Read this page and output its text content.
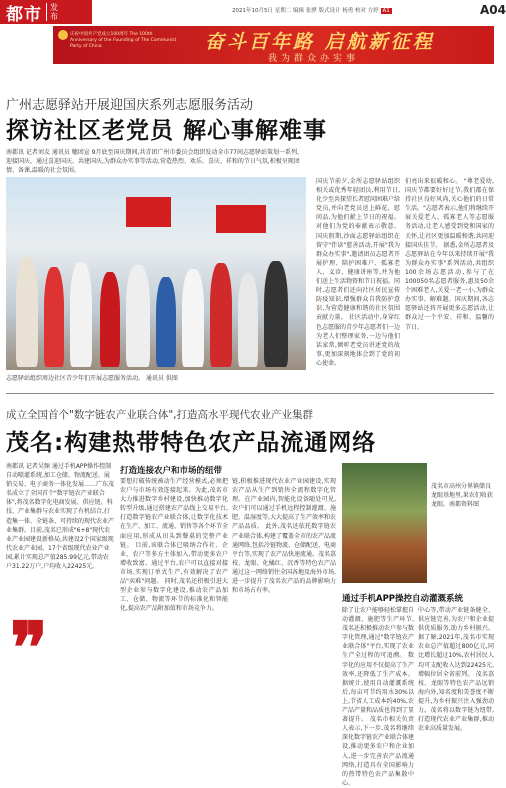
都市	发布
2021年10月5日 星期二 编辑 张骅 版式设计 杨勇 校对 方婷 A1	A04
庆祝中国共产党成立100周年 The 100th Anniversary of the Founding of The Communist Party of China	奋斗百年路 启航新征程
我为群众办实事
广州志愿驿站开展迎国庆系列志愿服务活动
探访社区老党员 解心事解难事
南都讯 记者刘友 通讯员 穗团宣 9月底至国庆期间,共青团广州市委员会组织发动全市77间志愿驿站策划一系列、迎接国庆、通过喜迎国庆、共建国庆,为群众办实事等活动,营造热烈、欢乐、喜庆、祥和的节日气氛,积极呈现团情、备课,温暖的社会氛围。
志愿驿站组织周边社区青少年们开展志愿服务活动。 通讯员 供图
国庆节前夕,金所志愿驿站组织相关或优秀年轻团员,利用节日,化少至共探望长者慰问困难户给党员,并向老党员送上鲜花、慰问品,为他们献上节日的祝福。对他们为党的奉献表示敬意。 国庆假期,沙面志愿驿站组织在留守"伴读"慈善活动,开展"我为群众办实事",邀请团员志愿者开展护理、陪护困难户、孤寡老人、义诊、健康讲座等,并为他们送上生活物资和节日祝福。同时,志愿者们还向社区居民宣传防疫知识,增强群众自我防护意识,为营造健康和谐的社区氛围贡献力量。 社区活动中,身穿红色志愿服的青少年志愿者们一边为老人们整理家务,一边与他们话家常,倾听老党员讲述党的故事,更加深刻地体会到了党的初心使命。
们亮出来很暖和心。 "尊老爱幼,国庆节都要好好过节,我们都在保持社区良好风尚,关心他们的日常生活。"志愿者表示,他们将继续开展关爱老人、孤寡老人等志愿服务活动,让老人感受到党和国家的关怀,让社区更加温暖和谐,共同迎接国庆佳节。 据悉,金所志愿者及志愿驿站在今年以来持续开展"我为群众办实事"系列活动,共组织100余场志愿活动,参与了在100050名志愿者服务,惠及50余个困难老人,关爱一老一小,为群众办实事、解难题。国庆期间,各志愿驿站还将开展更多志愿活动,让群众过一个平安、祥和、温馨的节日。
成立全国首个"数字链农产业联合体",打造高水平现代农业产业集群
茂名:构建热带特色农产品流通网络
南都讯 记者吴频 通过手机APP操作控制自动喷灌系统,加工仓储、物流配送、展销交易、电子商务一体化发展……广东茂名成立了全国首个"数字链农产业联合体",将茂名数字化电商发展、供应链、科技、产业集群与农业实现了有机结合,打造集一体、全链条、可持续的现代农业产业集群。目前,茂名已形成"6+8"现代农业产业园建设新格局,共建设2个国家级现代农业产业园、17个省级现代农业产业园,累计实现总产值285.99亿元,带动农户31.22万户,户均收入22425元。
❞
打造连接农户和市场的纽带
要想打破传统被动生产经营模式,必须把农户与市场有效连接起来。为此,茂名市大力推进数字乡村建设,加快推动数字化转型升级,通过搭建农产品线上交易平台,打造数字链农产业联合体,让数字化技术在生产、加工、流通、销售等各个环节全面应用,形成从田头到餐桌的完整产业链。 目前,该联合体已吸纳合作社、企业、农户等多方主体加入,带动更多农户增收致富。通过平台,农户可以直接对接市场,实现订单式生产,有效解决了农产品"卖难"问题。 同时,茂名还积极引进大型企业参与数字化建设,推动农产品加工、仓储、物流等环节的标准化和智能化,提高农产品附加值和市场竞争力。
链,积极推进现代农业产业园建设,实现农产品从生产到销售全流程数字化管理。在产业园内,智能化设备随处可见,农户们可以通过手机远程控制灌溉、施肥、温湿度等,大大提高了生产效率和农产品品质。 此外,茂名还依托数字链农产业联合体,构建了覆盖全市的农产品流通网络,包括冷链物流、仓储配送、电商平台等,实现了农产品快速流通。茂名荔枝、龙眼、化橘红、沉香等特色农产品通过这一网络销往全国各地及海外市场,进一步提升了茂名农产品的品牌影响力和市场占有率。
茂名市高州分界镇储良龙眼基地里,果农们收获龙眼。南都资料图
通过手机APP操控自动灌溉系统
除了让农户能够轻松掌握自动灌溉、施肥等生产环节,茂名还积极推动农户参与数字化管理,通过"数字链农产业联合体"平台,实现了农业生产全过程的可追溯。 数字化的应用不仅提高了生产效率,还降低了生产成本。据统计,使用自动灌溉系统后,每亩可节约用水30%以上,节省人工成本约40%,农产品产量和品质也得到了显著提升。 茂名市相关负责人表示,下一步,茂名将继续深化数字链农产业联合体建设,推动更多农户和企业加入,进一步完善农产品流通网络,打造具有全国影响力的热带特色农产品集散中心。
中心等,带动产业链条健全、供应链完善,为农户和企业提供优质服务,助力乡村振兴。 据了解,2021年,茂名市实现农业总产值超过800亿元,同比增长超过10%,农村居民人均可支配收入达到22425元,增幅位居全省前列。 茂名荔枝、龙眼等特色农产品远销海内外,知名度和美誉度不断提升,为乡村振兴注入强劲动力。茂名将以数字链为纽带,打造现代农业产业集群,推动农业高质量发展。
